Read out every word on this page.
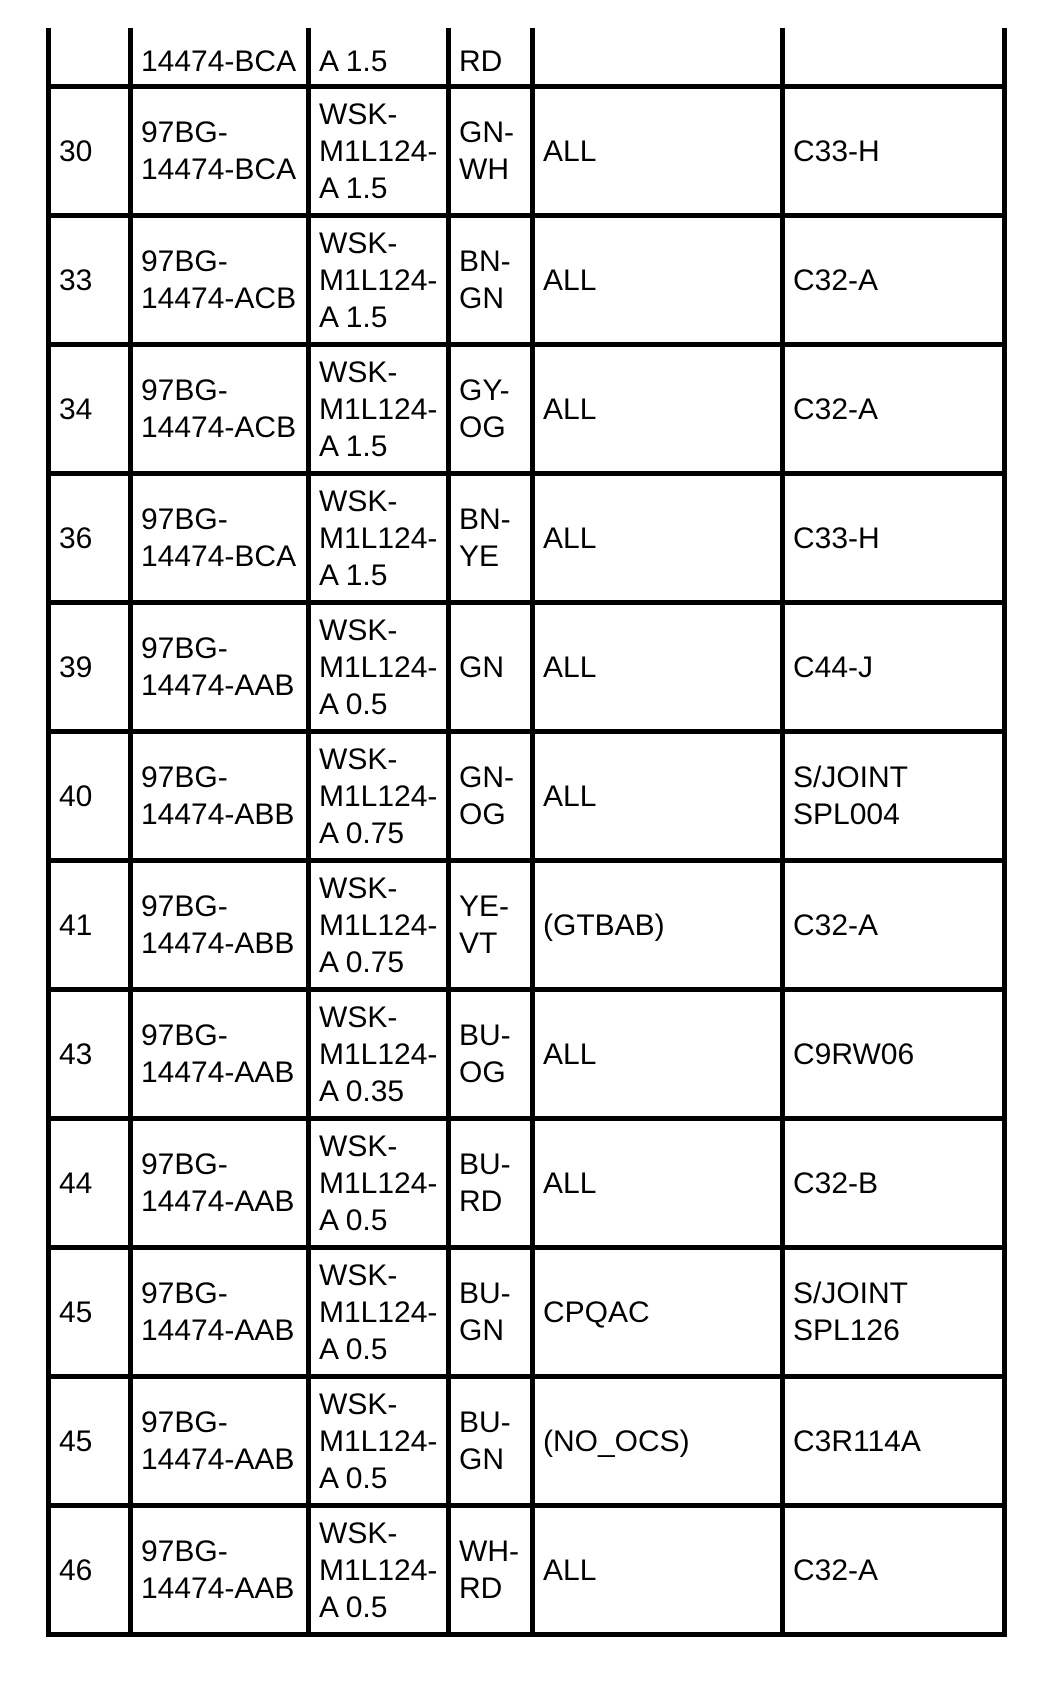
	14474-BCA	A 1.5	RD		
30	97BG-
14474-BCA	WSK-
M1L124-
A 1.5	GN-
WH	ALL	C33-H
33	97BG-
14474-ACB	WSK-
M1L124-
A 1.5	BN-
GN	ALL	C32-A
34	97BG-
14474-ACB	WSK-
M1L124-
A 1.5	GY-
OG	ALL	C32-A
36	97BG-
14474-BCA	WSK-
M1L124-
A 1.5	BN-
YE	ALL	C33-H
39	97BG-
14474-AAB	WSK-
M1L124-
A 0.5	GN	ALL	C44-J
40	97BG-
14474-ABB	WSK-
M1L124-
A 0.75	GN-
OG	ALL	S/JOINT
SPL004
41	97BG-
14474-ABB	WSK-
M1L124-
A 0.75	YE-
VT	(GTBAB)	C32-A
43	97BG-
14474-AAB	WSK-
M1L124-
A 0.35	BU-
OG	ALL	C9RW06
44	97BG-
14474-AAB	WSK-
M1L124-
A 0.5	BU-
RD	ALL	C32-B
45	97BG-
14474-AAB	WSK-
M1L124-
A 0.5	BU-
GN	CPQAC	S/JOINT
SPL126
45	97BG-
14474-AAB	WSK-
M1L124-
A 0.5	BU-
GN	(NO_OCS)	C3R114A
46	97BG-
14474-AAB	WSK-
M1L124-
A 0.5	WH-
RD	ALL	C32-A
